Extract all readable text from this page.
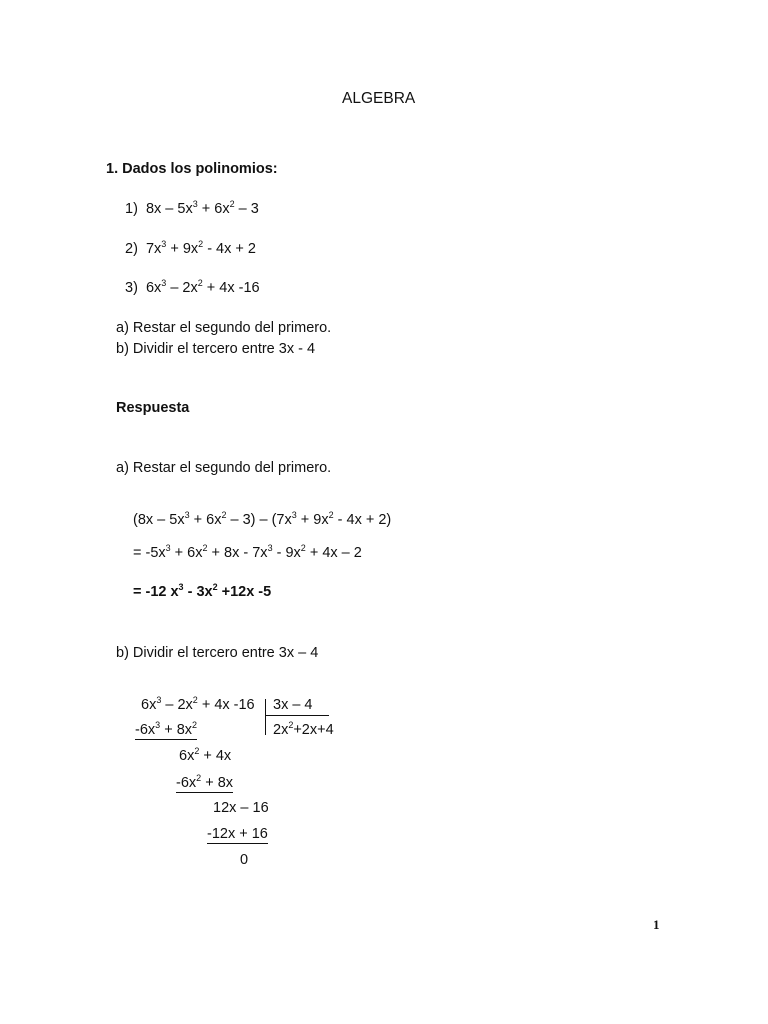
ALGEBRA
1. Dados los polinomios:
1) $8x - 5x^3 + 6x^2 - 3$
2) $7x^3 + 9x^2 - 4x + 2$
3) $6x^3 - 2x^2 + 4x$ -16
a) Restar el segundo del primero.
b) Dividir el tercero entre 3x - 4
Respuesta
a) Restar el segundo del primero.
$(8x - 5x^3 + 6x^2 - 3) - (7x^3 + 9x^2 - 4x + 2)$
= $-5x^3 + 6x^2 + 8x - 7x^3 - 9x^2 + 4x - 2$
= -12 $x^3 - 3x^2 +12x$ -5
b) Dividir el tercero entre 3x – 4
$6x^3 - 2x^2 + 4x$ -16 3x – 4
$2x^2+2x+4$
$-6x^3 + 8x^2$
$6x^2 + 4x$
$-6x^2 + 8x$
12x – 16
-12x + 16
0
1
